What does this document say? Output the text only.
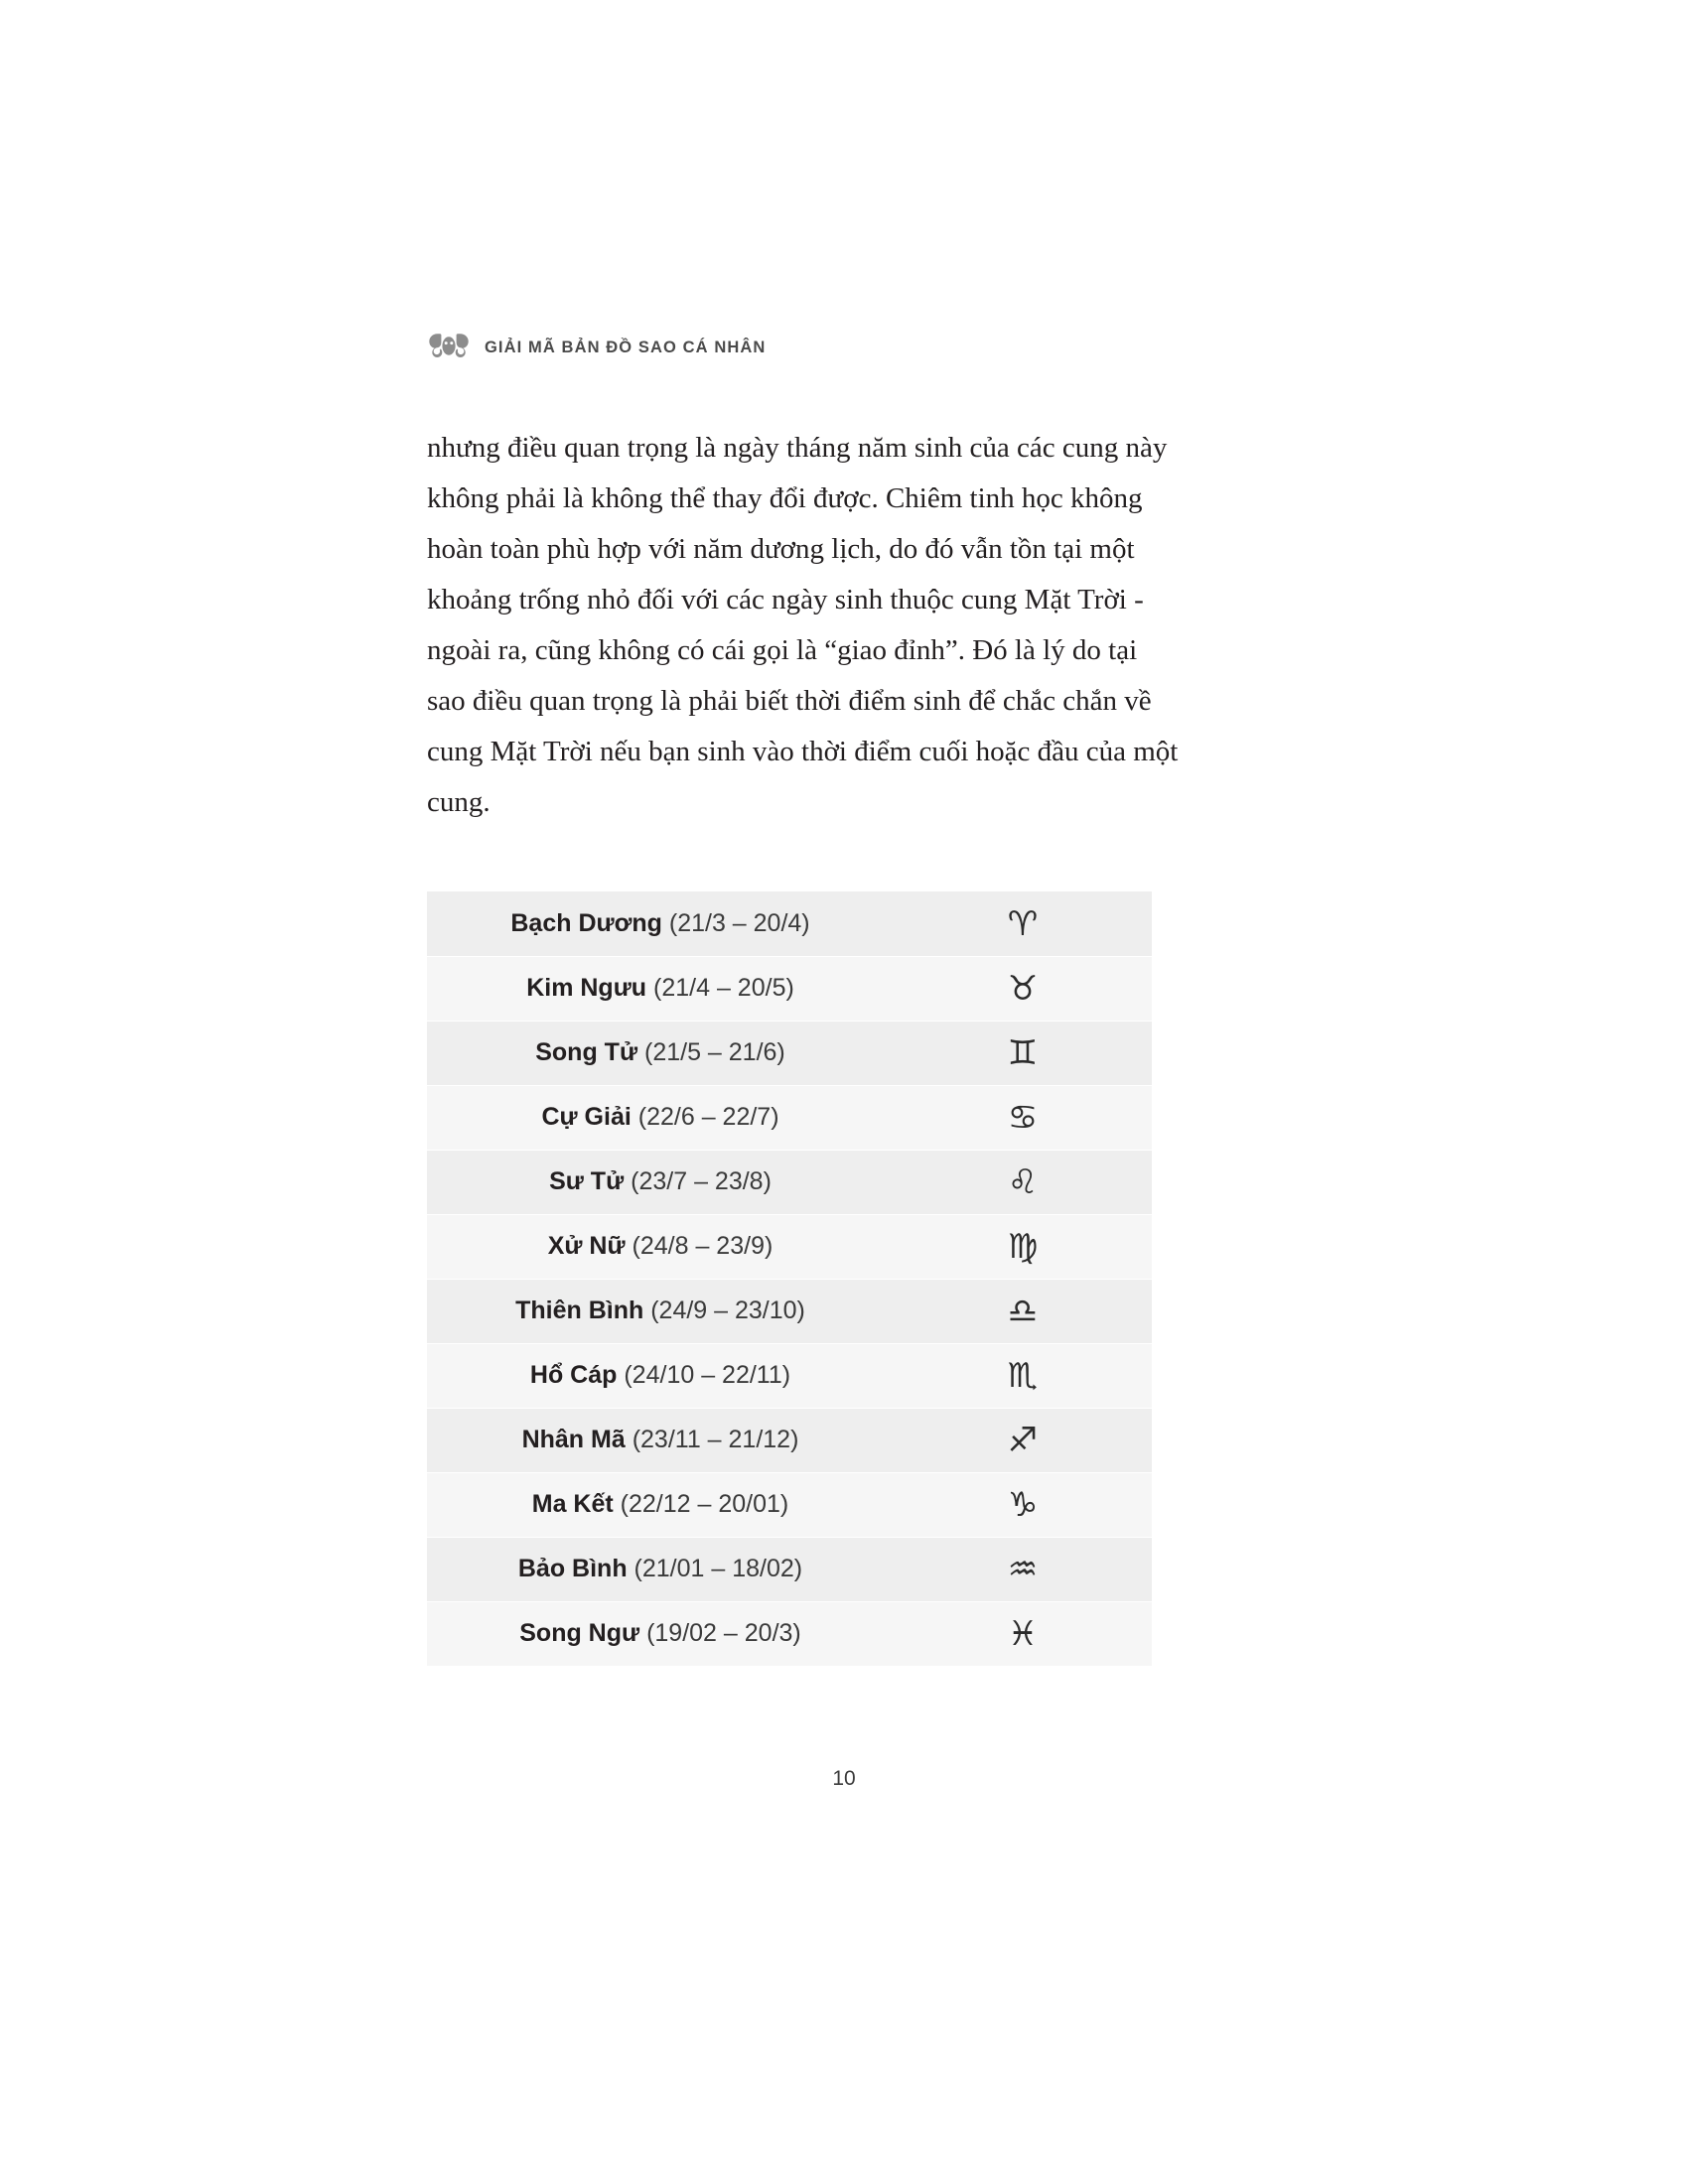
GIẢI MÃ BẢN ĐỒ SAO CÁ NHÂN

nhưng điều quan trọng là ngày tháng năm sinh của các cung này không phải là không thể thay đổi được. Chiêm tinh học không hoàn toàn phù hợp với năm dương lịch, do đó vẫn tồn tại một khoảng trống nhỏ đối với các ngày sinh thuộc cung Mặt Trời - ngoài ra, cũng không có cái gọi là “giao đỉnh”. Đó là lý do tại sao điều quan trọng là phải biết thời điểm sinh để chắc chắn về cung Mặt Trời nếu bạn sinh vào thời điểm cuối hoặc đầu của một cung.

Bạch Dương (21/3 – 20/4)	♈
Kim Ngưu (21/4 – 20/5)	♉
Song Tử (21/5 – 21/6)	♊
Cự Giải (22/6 – 22/7)	♋
Sư Tử (23/7 – 23/8)	♌
Xử Nữ (24/8 – 23/9)	♍
Thiên Bình (24/9 – 23/10)	♎
Hổ Cáp (24/10 – 22/11)	♏
Nhân Mã (23/11 – 21/12)	♐
Ma Kết (22/12 – 20/01)	♑
Bảo Bình (21/01 – 18/02)	♒
Song Ngư (19/02 – 20/3)	♓
10
